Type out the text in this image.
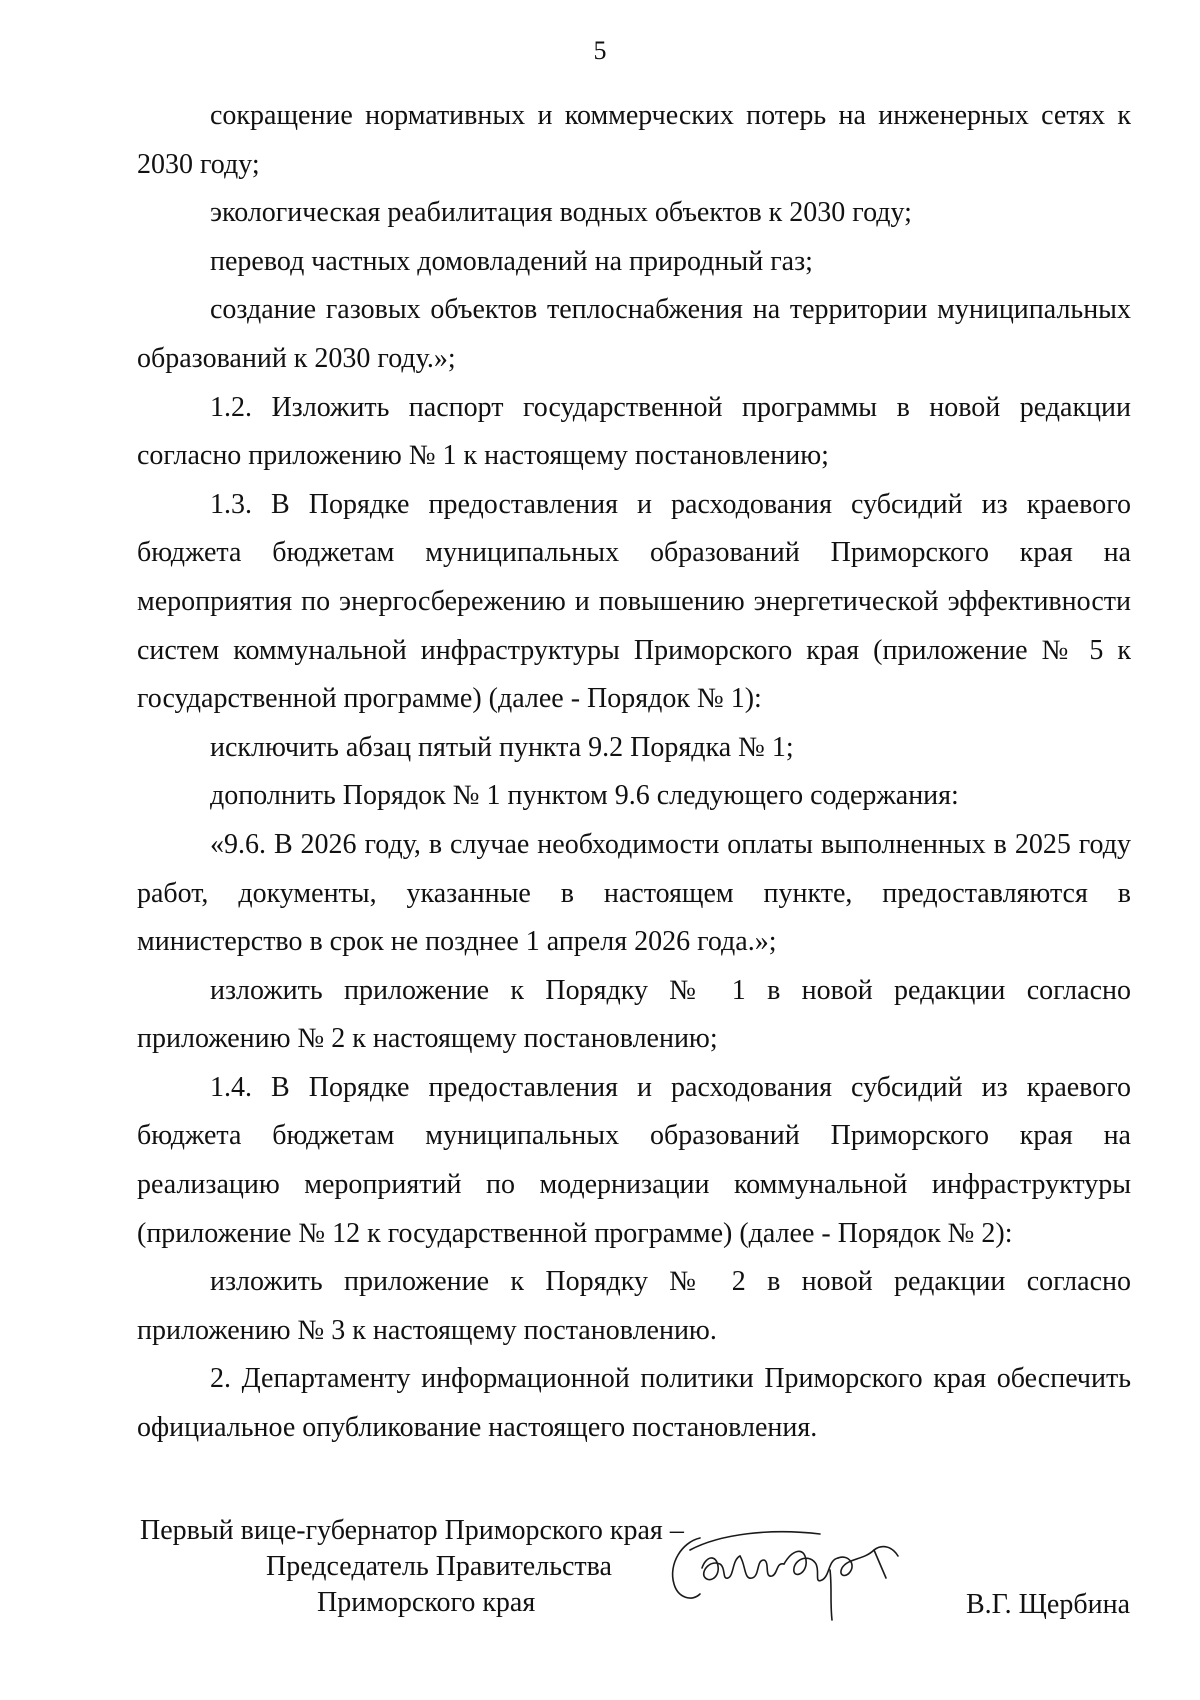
5

сокращение нормативных и коммерческих потерь на инженерных сетях к 2030 году;

экологическая реабилитация водных объектов к 2030 году;

перевод частных домовладений на природный газ;

создание газовых объектов теплоснабжения на территории муниципальных образований к 2030 году.»;

1.2. Изложить паспорт государственной программы в новой редакции согласно приложению № 1 к настоящему постановлению;

1.3. В Порядке предоставления и расходования субсидий из краевого бюджета бюджетам муниципальных образований Приморского края на мероприятия по энергосбережению и повышению энергетической эффективности систем коммунальной инфраструктуры Приморского края (приложение № 5 к государственной программе) (далее - Порядок № 1):

исключить абзац пятый пункта 9.2 Порядка № 1;

дополнить Порядок № 1 пунктом 9.6 следующего содержания:

«9.6. В 2026 году, в случае необходимости оплаты выполненных в 2025 году работ, документы, указанные в настоящем пункте, предоставляются в министерство в срок не позднее 1 апреля 2026 года.»;

изложить приложение к Порядку № 1 в новой редакции согласно приложению № 2 к настоящему постановлению;

1.4. В Порядке предоставления и расходования субсидий из краевого бюджета бюджетам муниципальных образований Приморского края на реализацию мероприятий по модернизации коммунальной инфраструктуры (приложение № 12 к государственной программе) (далее - Порядок № 2):

изложить приложение к Порядку № 2 в новой редакции согласно приложению № 3 к настоящему постановлению.

2. Департаменту информационной политики Приморского края обеспечить официальное опубликование настоящего постановления.

Первый вице-губернатор Приморского края –
Председатель Правительства
Приморского края	В.Г. Щербина
